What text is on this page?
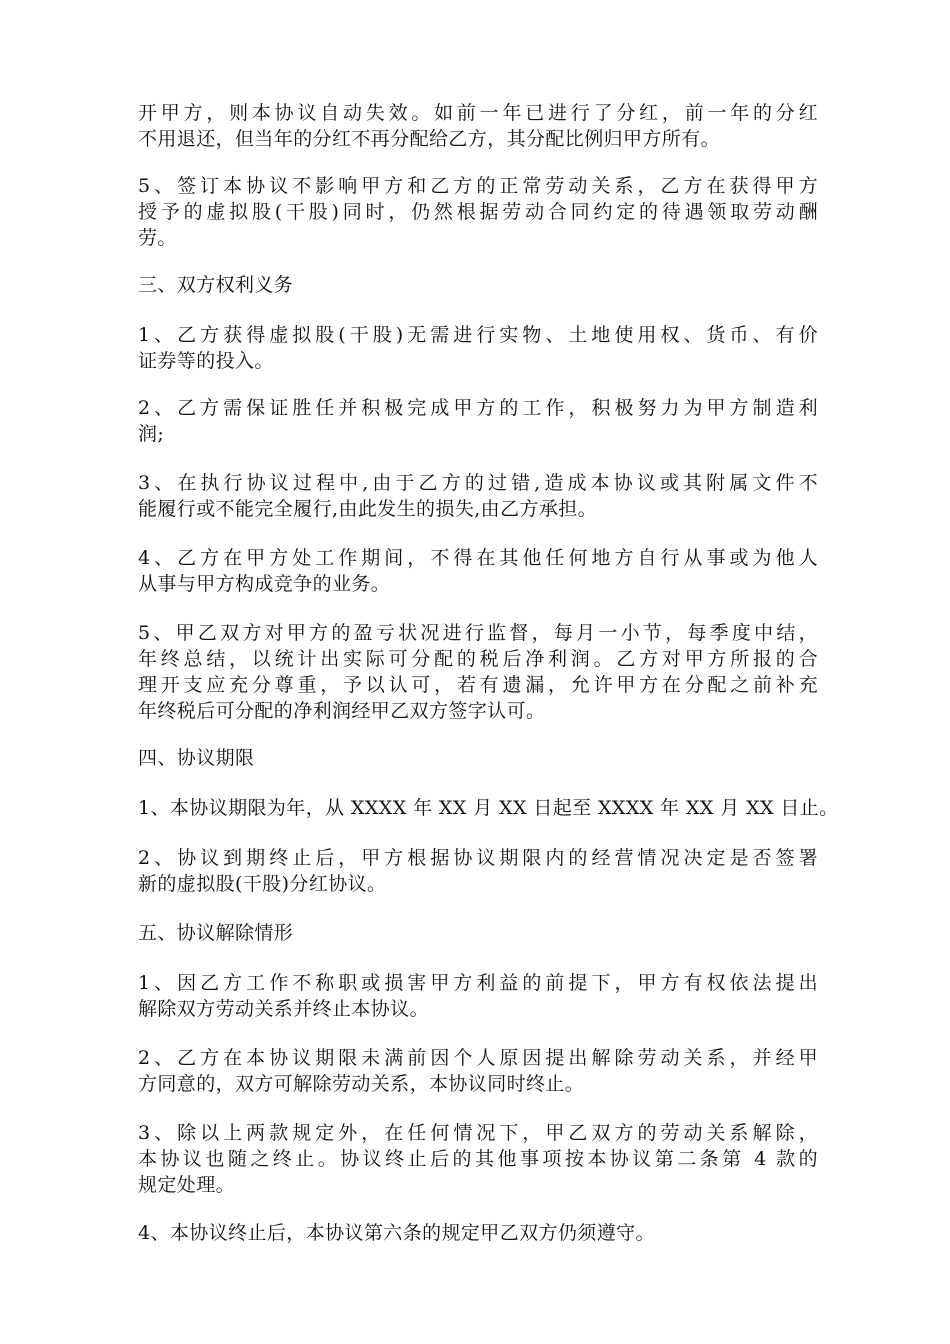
开甲方，则本协议自动失效。如前一年已进行了分红，前一年的分红
不用退还，但当年的分红不再分配给乙方，其分配比例归甲方所有。

5、签订本协议不影响甲方和乙方的正常劳动关系，乙方在获得甲方
授予的虚拟股(干股)同时，仍然根据劳动合同约定的待遇领取劳动酬
劳。

三、双方权利义务

1、乙方获得虚拟股(干股)无需进行实物、土地使用权、货币、有价
证券等的投入。

2、乙方需保证胜任并积极完成甲方的工作，积极努力为甲方制造利
润;

3、在执行协议过程中,由于乙方的过错,造成本协议或其附属文件不
能履行或不能完全履行,由此发生的损失,由乙方承担。

4、乙方在甲方处工作期间，不得在其他任何地方自行从事或为他人
从事与甲方构成竞争的业务。

5、甲乙双方对甲方的盈亏状况进行监督，每月一小节，每季度中结，
年终总结，以统计出实际可分配的税后净利润。乙方对甲方所报的合
理开支应充分尊重，予以认可，若有遗漏，允许甲方在分配之前补充
年终税后可分配的净利润经甲乙双方签字认可。

四、协议期限

1、本协议期限为年，从 XXXX 年 XX 月 XX 日起至 XXXX 年 XX 月 XX 日止。

2、协议到期终止后，甲方根据协议期限内的经营情况决定是否签署
新的虚拟股(干股)分红协议。

五、协议解除情形

1、因乙方工作不称职或损害甲方利益的前提下，甲方有权依法提出
解除双方劳动关系并终止本协议。

2、乙方在本协议期限未满前因个人原因提出解除劳动关系，并经甲
方同意的，双方可解除劳动关系，本协议同时终止。

3、除以上两款规定外，在任何情况下，甲乙双方的劳动关系解除，
本协议也随之终止。协议终止后的其他事项按本协议第二条第 4 款的
规定处理。

4、本协议终止后，本协议第六条的规定甲乙双方仍须遵守。
